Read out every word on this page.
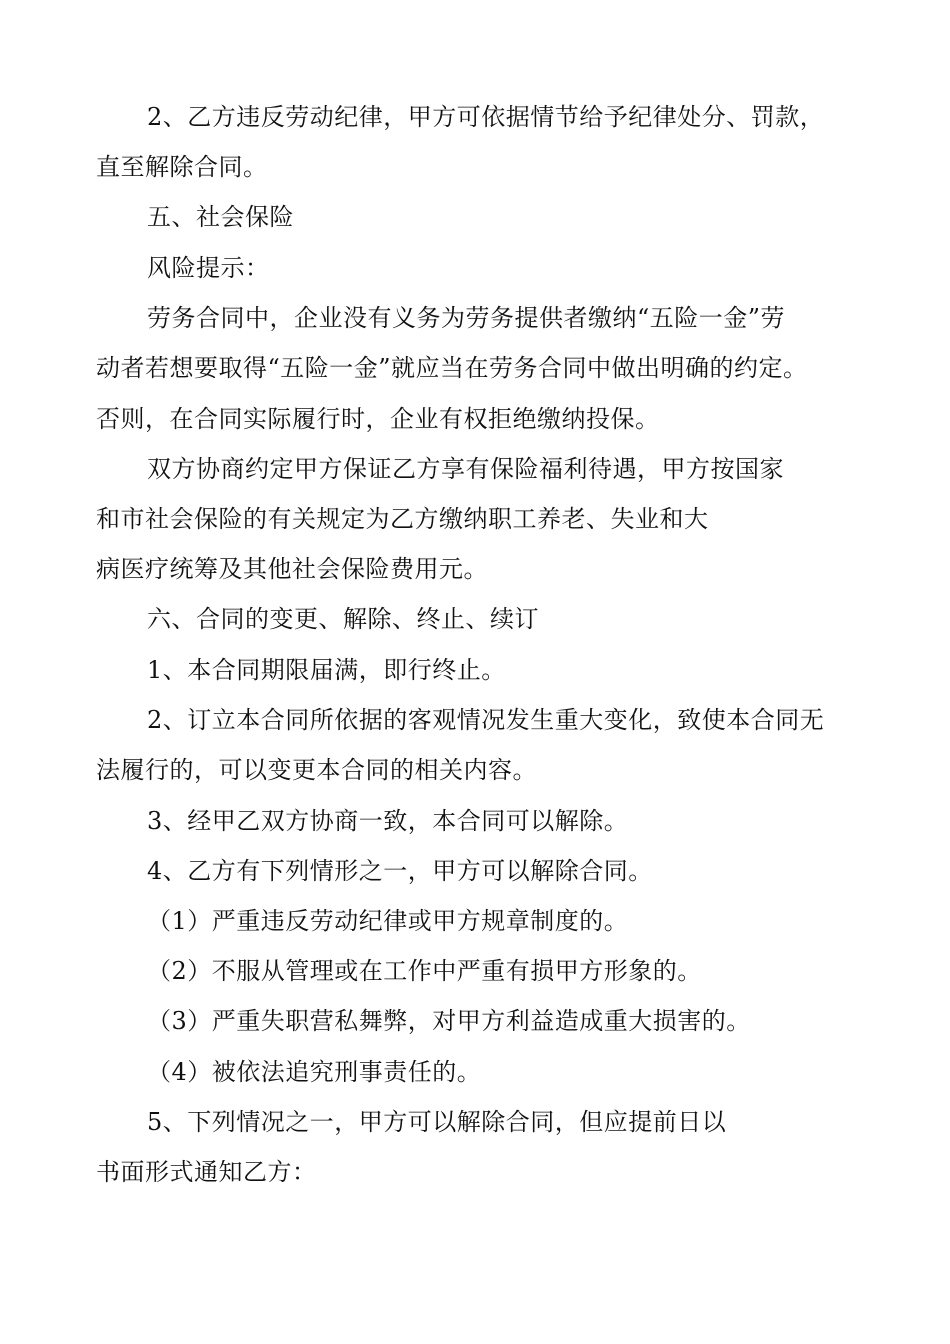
2、乙方违反劳动纪律，甲方可依据情节给予纪律处分、罚款，
直至解除合同。
五、社会保险
风险提示：
劳务合同中，企业没有义务为劳务提供者缴纳“五险一金”劳
动者若想要取得“五险一金”就应当在劳务合同中做出明确的约定。
否则，在合同实际履行时，企业有权拒绝缴纳投保。
双方协商约定甲方保证乙方享有保险福利待遇，甲方按国家
和市社会保险的有关规定为乙方缴纳职工养老、失业和大
病医疗统筹及其他社会保险费用元。
六、合同的变更、解除、终止、续订
1、本合同期限届满，即行终止。
2、订立本合同所依据的客观情况发生重大变化，致使本合同无
法履行的，可以变更本合同的相关内容。
3、经甲乙双方协商一致，本合同可以解除。
4、乙方有下列情形之一，甲方可以解除合同。
（1）严重违反劳动纪律或甲方规章制度的。
（2）不服从管理或在工作中严重有损甲方形象的。
（3）严重失职营私舞弊，对甲方利益造成重大损害的。
（4）被依法追究刑事责任的。
5、下列情况之一，甲方可以解除合同，但应提前日以
书面形式通知乙方：
